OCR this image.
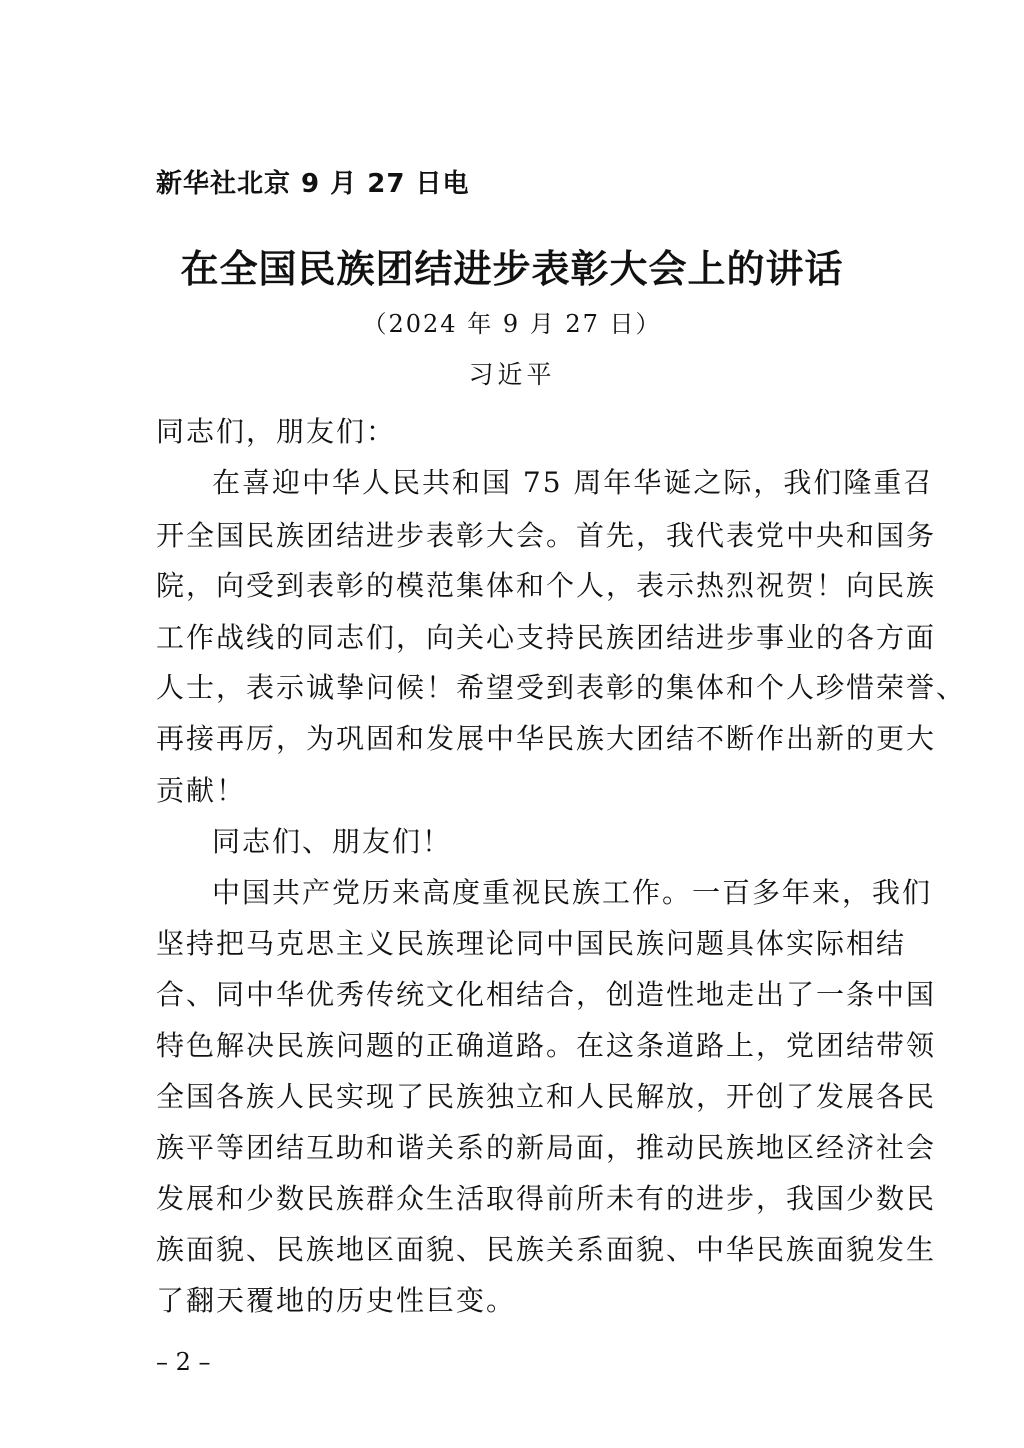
新华社北京 9 月 27 日电
在全国民族团结进步表彰大会上的讲话
（2024 年 9 月 27 日）
习近平
同志们，朋友们：
在喜迎中华人民共和国 75 周年华诞之际，我们隆重召
开全国民族团结进步表彰大会。首先，我代表党中央和国务
院，向受到表彰的模范集体和个人，表示热烈祝贺！向民族
工作战线的同志们，向关心支持民族团结进步事业的各方面
人士，表示诚挚问候！希望受到表彰的集体和个人珍惜荣誉、
再接再厉，为巩固和发展中华民族大团结不断作出新的更大
贡献！
同志们、朋友们！
中国共产党历来高度重视民族工作。一百多年来，我们
坚持把马克思主义民族理论同中国民族问题具体实际相结
合、同中华优秀传统文化相结合，创造性地走出了一条中国
特色解决民族问题的正确道路。在这条道路上，党团结带领
全国各族人民实现了民族独立和人民解放，开创了发展各民
族平等团结互助和谐关系的新局面，推动民族地区经济社会
发展和少数民族群众生活取得前所未有的进步，我国少数民
族面貌、民族地区面貌、民族关系面貌、中华民族面貌发生
了翻天覆地的历史性巨变。
– 2 –
